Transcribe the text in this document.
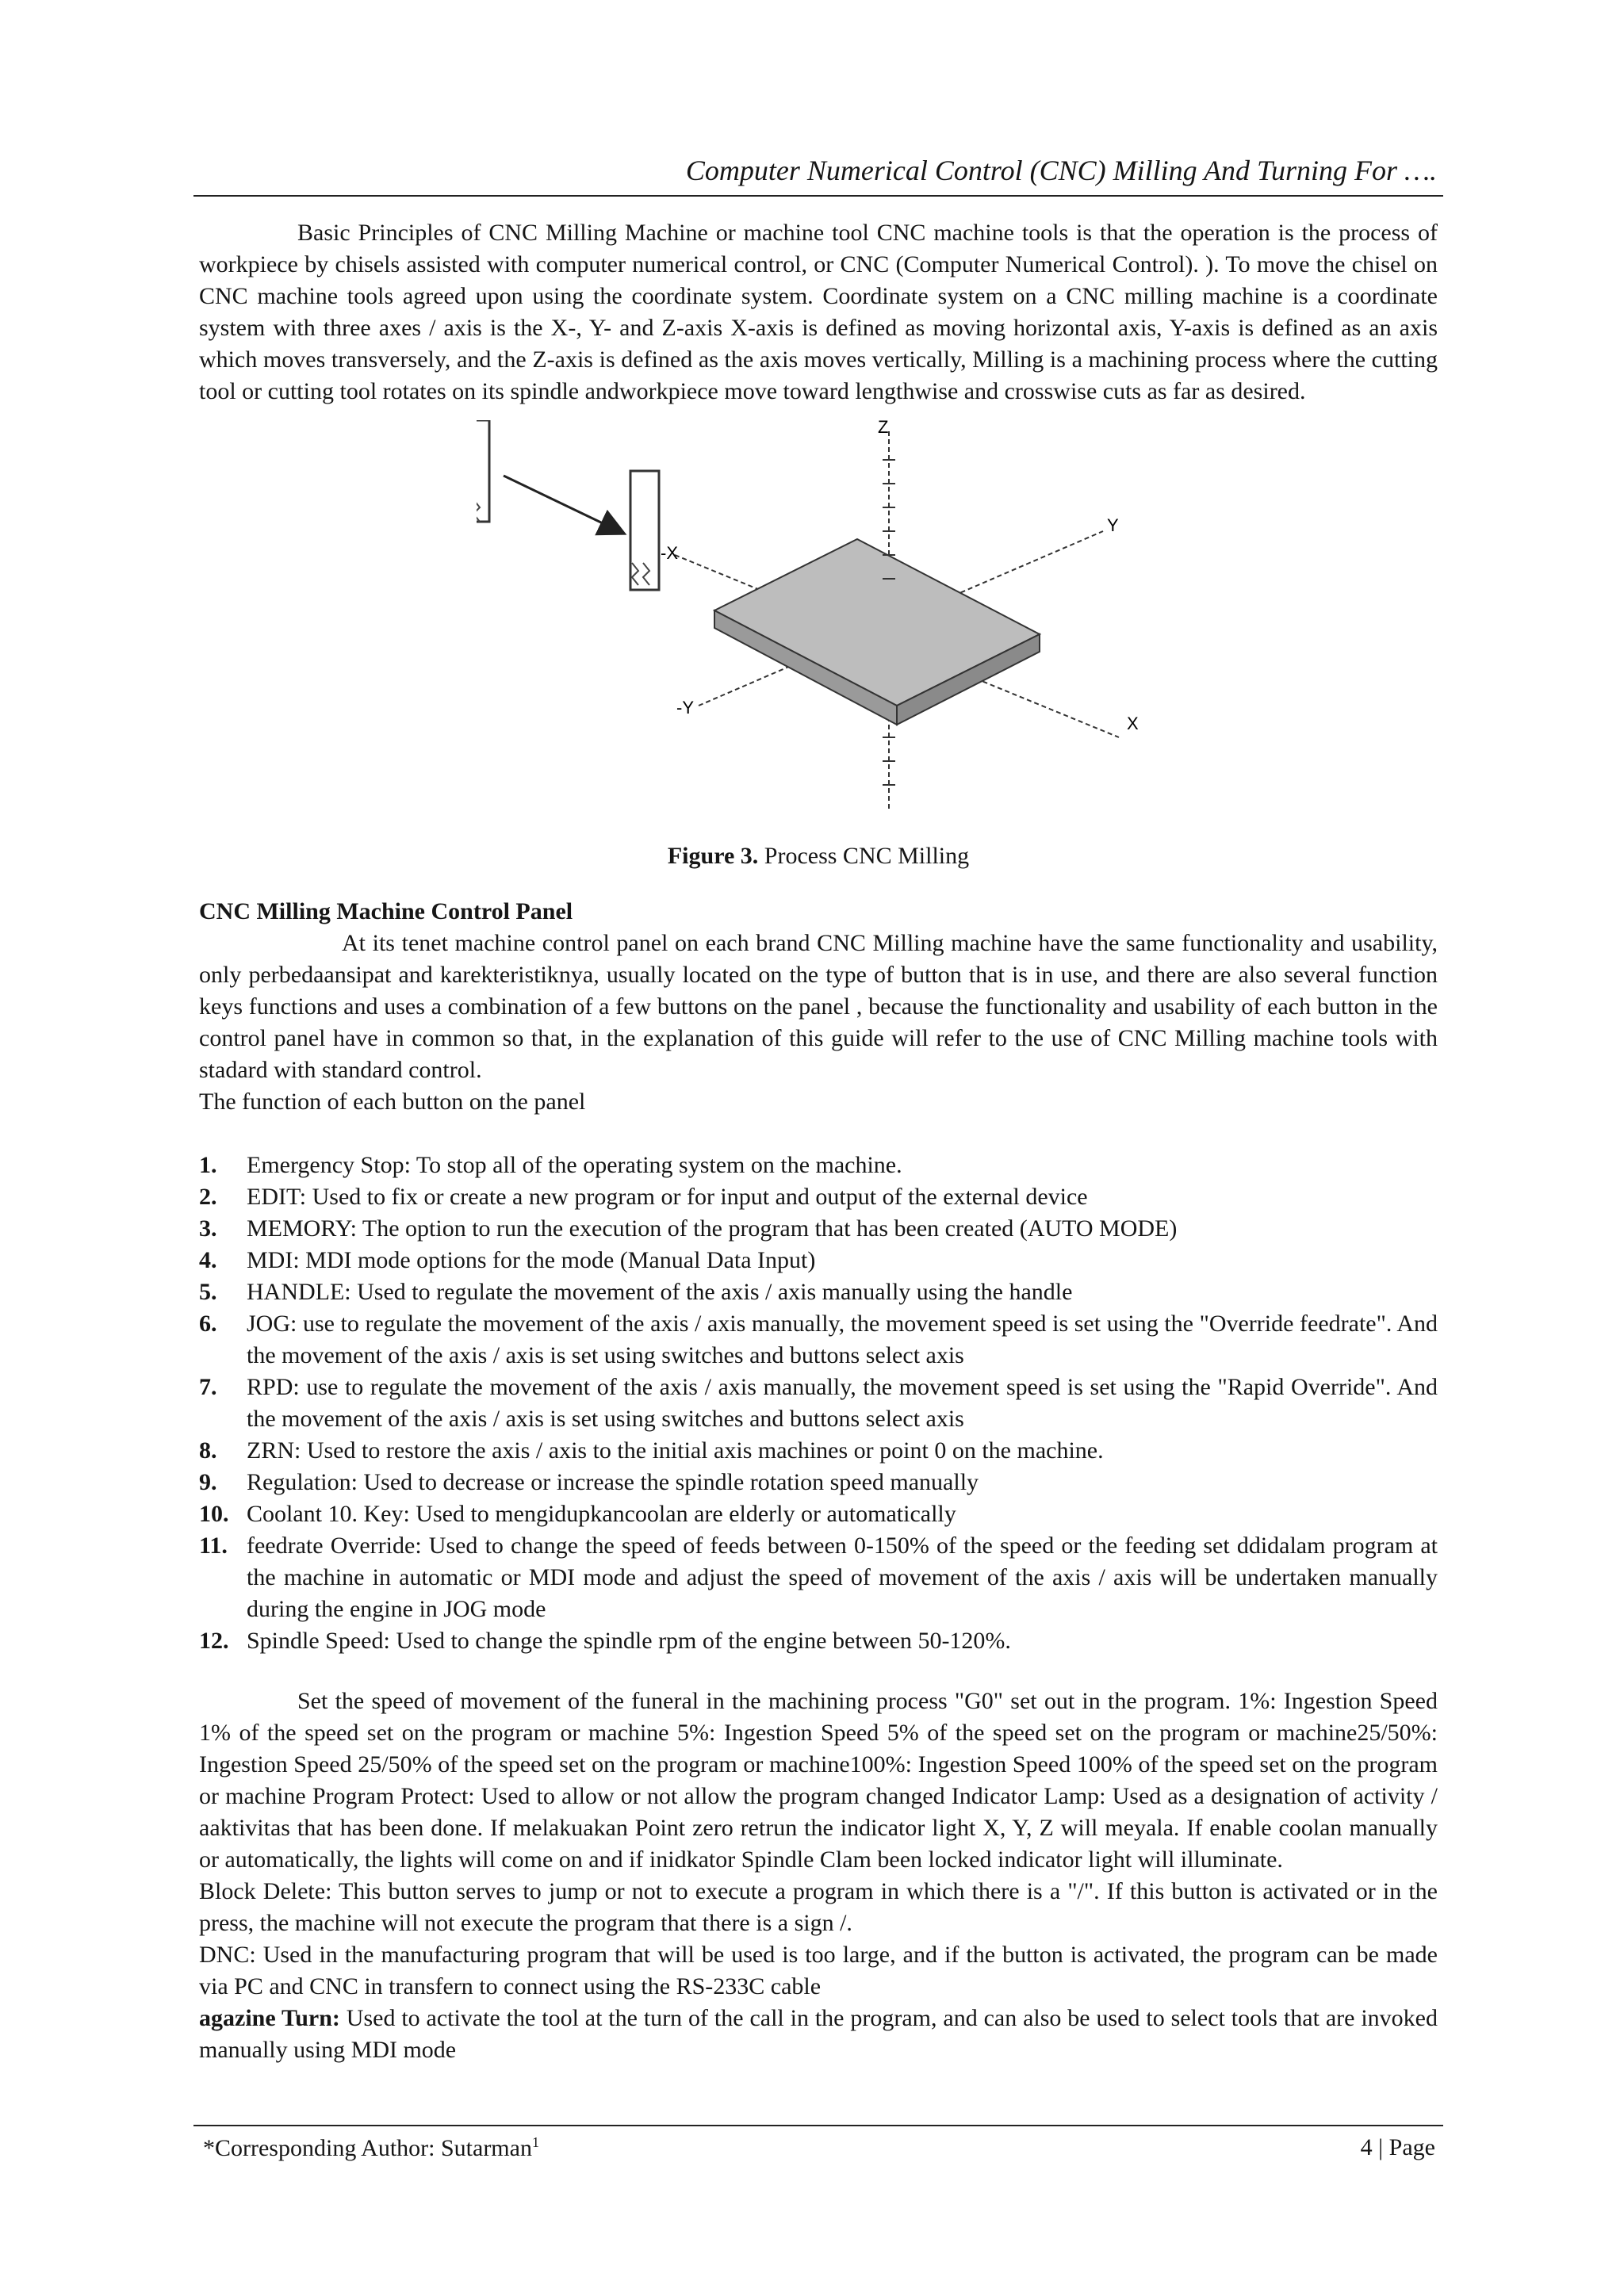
Computer Numerical Control (CNC) Milling And Turning For ….

Basic Principles of CNC Milling Machine or machine tool CNC machine tools is that the operation is the process of workpiece by chisels assisted with computer numerical control, or CNC (Computer Numerical Control). ). To move the chisel on CNC machine tools agreed upon using the coordinate system. Coordinate system on a CNC milling machine is a coordinate system with three axes / axis is the X-, Y- and Z-axis X-axis is defined as moving horizontal axis, Y-axis is defined as an axis which moves transversely, and the Z-axis is defined as the axis moves vertically, Milling is a machining process where the cutting tool or cutting tool rotates on its spindle andworkpiece move toward lengthwise and crosswise cuts as far as desired.

Z
X
-X
Y
-Y

Figure 3. Process CNC Milling

CNC Milling Machine Control Panel

At its tenet machine control panel on each brand CNC Milling machine have the same functionality and usability, only perbedaansipat and karekteristiknya, usually located on the type of button that is in use, and there are also several function keys functions and uses a combination of a few buttons on the panel , because the functionality and usability of each button in the control panel have in common so that, in the explanation of this guide will refer to the use of CNC Milling machine tools with stadard with standard control.

The function of each button on the panel

1.	Emergency Stop: To stop all of the operating system on the machine.
2.	EDIT: Used to fix or create a new program or for input and output of the external device
3.	MEMORY: The option to run the execution of the program that has been created (AUTO MODE)
4.	MDI: MDI mode options for the mode (Manual Data Input)
5.	HANDLE: Used to regulate the movement of the axis / axis manually using the handle
6.	JOG: use to regulate the movement of the axis / axis manually, the movement speed is set using the "Override feedrate". And the movement of the axis / axis is set using switches and buttons select axis
7.	RPD: use to regulate the movement of the axis / axis manually, the movement speed is set using the "Rapid Override". And the movement of the axis / axis is set using switches and buttons select axis
8.	ZRN: Used to restore the axis / axis to the initial axis machines or point 0 on the machine.
9.	Regulation: Used to decrease or increase the spindle rotation speed manually
10. Coolant 10. Key: Used to mengidupkancoolan are elderly or automatically
11. feedrate Override: Used to change the speed of feeds between 0-150% of the speed or the feeding set ddidalam program at the machine in automatic or MDI mode and adjust the speed of movement of the axis / axis will be undertaken manually during the engine in JOG mode
12. Spindle Speed: Used to change the spindle rpm of the engine between 50-120%.

Set the speed of movement of the funeral in the machining process "G0" set out in the program. 1%: Ingestion Speed 1% of the speed set on the program or machine 5%: Ingestion Speed 5% of the speed set on the program or machine25/50%: Ingestion Speed 25/50% of the speed set on the program or machine100%: Ingestion Speed 100% of the speed set on the program or machine Program Protect: Used to allow or not allow the program changed Indicator Lamp: Used as a designation of activity / aaktivitas that has been done. If melakuakan Point zero retrun the indicator light X, Y, Z will meyala. If enable coolan manually or automatically, the lights will come on and if inidkator Spindle Clam been locked indicator light will illuminate.

Block Delete: This button serves to jump or not to execute a program in which there is a "/". If this button is activated or in the press, the machine will not execute the program that there is a sign /.

DNC: Used in the manufacturing program that will be used is too large, and if the button is activated, the program can be made via PC and CNC in transfern to connect using the RS-233C cable

agazine Turn: Used to activate the tool at the turn of the call in the program, and can also be used to select tools that are invoked manually using MDI mode

*Corresponding Author: Sutarman$^1$	4 | Page
